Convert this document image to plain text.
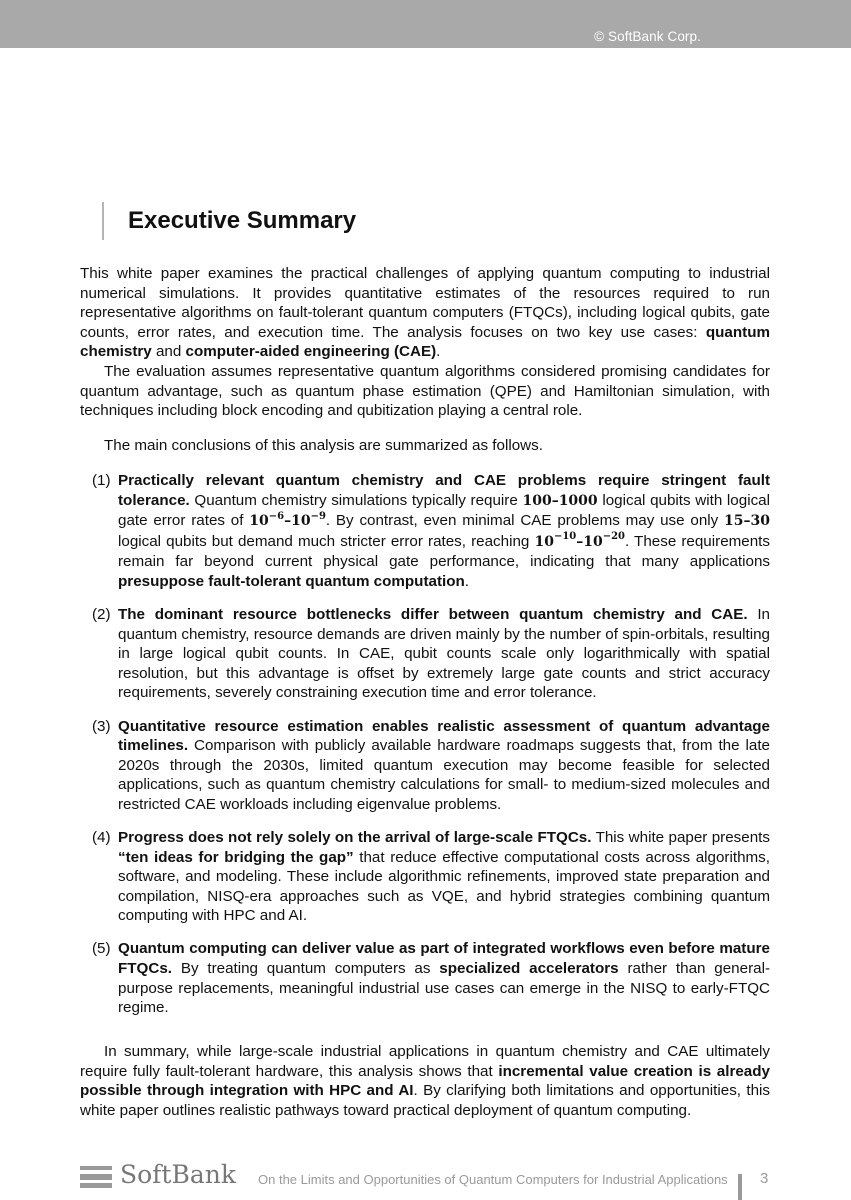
© SoftBank Corp.
Executive Summary

This white paper examines the practical challenges of applying quantum computing to industrial numerical simulations. It provides quantitative estimates of the resources required to run representative algorithms on fault-tolerant quantum computers (FTQCs), including logical qubits, gate counts, error rates, and execution time. The analysis focuses on two key use cases: quantum chemistry and computer-aided engineering (CAE).

The evaluation assumes representative quantum algorithms considered promising candidates for quantum advantage, such as quantum phase estimation (QPE) and Hamiltonian simulation, with techniques including block encoding and qubitization playing a central role.

The main conclusions of this analysis are summarized as follows.

(1) Practically relevant quantum chemistry and CAE problems require stringent fault tolerance. Quantum chemistry simulations typically require 100–1000 logical qubits with logical gate error rates of $10^{-6}-10^{-9}$. By contrast, even minimal CAE problems may use only 15–30 logical qubits but demand much stricter error rates, reaching $10^{-10}-10^{-20}$. These requirements remain far beyond current physical gate performance, indicating that many applications presuppose fault-tolerant quantum computation.
(2) The dominant resource bottlenecks differ between quantum chemistry and CAE. In quantum chemistry, resource demands are driven mainly by the number of spin-orbitals, resulting in large logical qubit counts. In CAE, qubit counts scale only logarithmically with spatial resolution, but this advantage is offset by extremely large gate counts and strict accuracy requirements, severely constraining execution time and error tolerance.
(3) Quantitative resource estimation enables realistic assessment of quantum advantage timelines. Comparison with publicly available hardware roadmaps suggests that, from the late 2020s through the 2030s, limited quantum execution may become feasible for selected applications, such as quantum chemistry calculations for small- to medium-sized molecules and restricted CAE workloads including eigenvalue problems.
(4) Progress does not rely solely on the arrival of large-scale FTQCs. This white paper presents “ten ideas for bridging the gap” that reduce effective computational costs across algorithms, software, and modeling. These include algorithmic refinements, improved state preparation and compilation, NISQ-era approaches such as VQE, and hybrid strategies combining quantum computing with HPC and AI.
(5) Quantum computing can deliver value as part of integrated workflows even before mature FTQCs. By treating quantum computers as specialized accelerators rather than general-purpose replacements, meaningful industrial use cases can emerge in the NISQ to early-FTQC regime.

In summary, while large-scale industrial applications in quantum chemistry and CAE ultimately require fully fault-tolerant hardware, this analysis shows that incremental value creation is already possible through integration with HPC and AI. By clarifying both limitations and opportunities, this white paper outlines realistic pathways toward practical deployment of quantum computing.

SoftBank On the Limits and Opportunities of Quantum Computers for Industrial Applications 3
